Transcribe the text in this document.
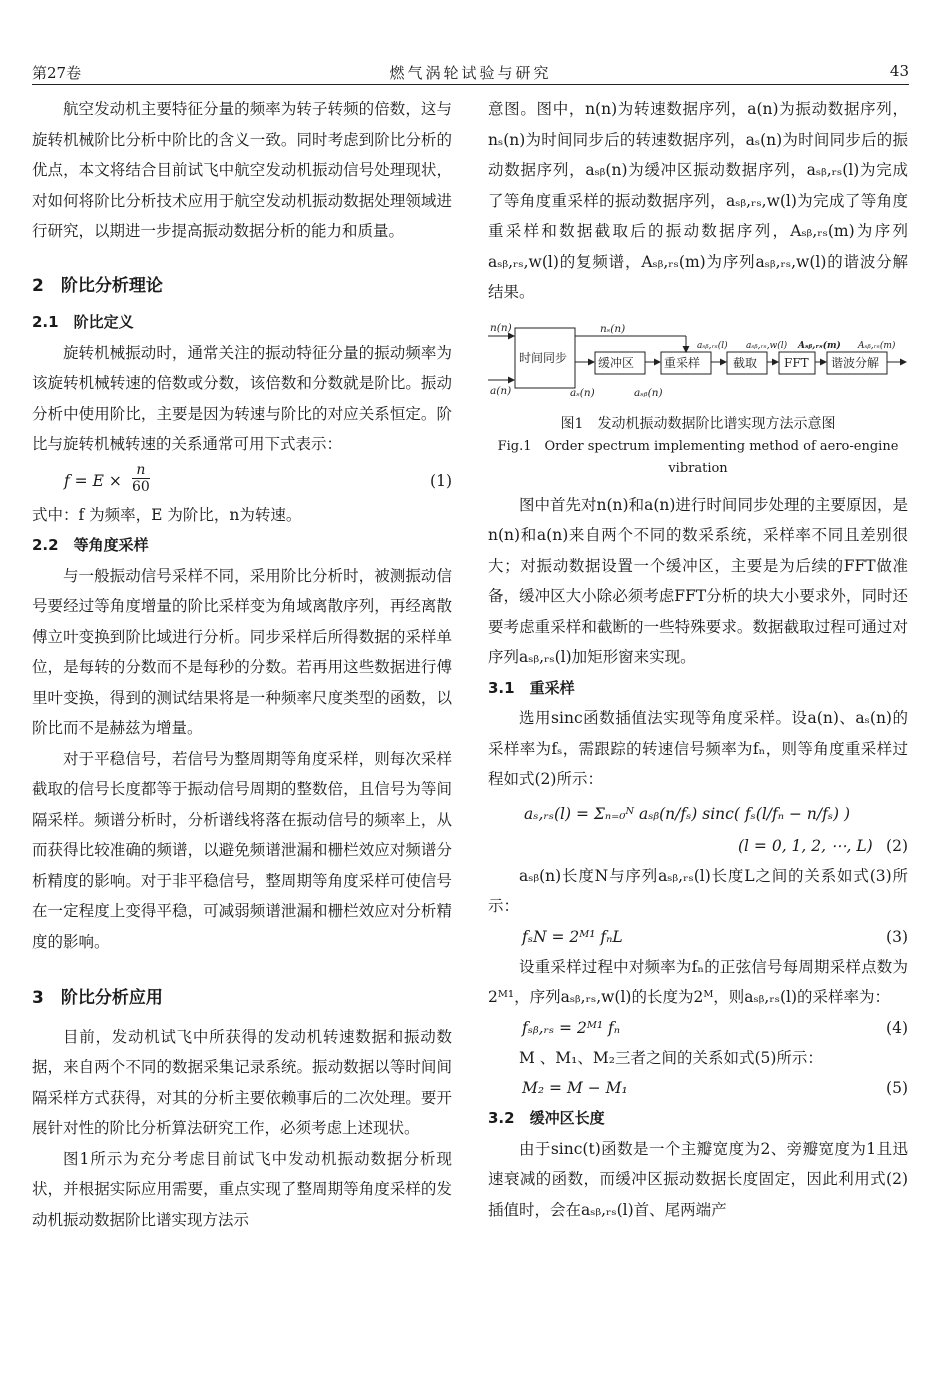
第27卷	燃气涡轮试验与研究	43

航空发动机主要特征分量的频率为转子转频的倍数，这与旋转机械阶比分析中阶比的含义一致。同时考虑到阶比分析的优点，本文将结合目前试飞中航空发动机振动信号处理现状，对如何将阶比分析技术应用于航空发动机振动数据处理领域进行研究，以期进一步提高振动数据分析的能力和质量。

2　阶比分析理论
2.1　阶比定义

旋转机械振动时，通常关注的振动特征分量的振动频率为该旋转机械转速的倍数或分数，该倍数和分数就是阶比。振动分析中使用阶比，主要是因为转速与阶比的对应关系恒定。阶比与旋转机械转速的关系通常可用下式表示：

$f = E \times \frac{n}{60}$	(1)

式中：f 为频率，E 为阶比，n为转速。

2.2　等角度采样

与一般振动信号采样不同，采用阶比分析时，被测振动信号要经过等角度增量的阶比采样变为角域离散序列，再经离散傅立叶变换到阶比域进行分析。同步采样后所得数据的采样单位，是每转的分数而不是每秒的分数。若再用这些数据进行傅里叶变换，得到的测试结果将是一种频率尺度类型的函数，以阶比而不是赫兹为增量。

对于平稳信号，若信号为整周期等角度采样，则每次采样截取的信号长度都等于振动信号周期的整数倍，且信号为等间隔采样。频谱分析时，分析谱线将落在振动信号的频率上，从而获得比较准确的频谱，以避免频谱泄漏和栅栏效应对频谱分析精度的影响。对于非平稳信号，整周期等角度采样可使信号在一定程度上变得平稳，可减弱频谱泄漏和栅栏效应对分析精度的影响。

3　阶比分析应用

目前，发动机试飞中所获得的发动机转速数据和振动数据，来自两个不同的数据采集记录系统。振动数据以等时间间隔采样方式获得，对其的分析主要依赖事后的二次处理。要开展针对性的阶比分析算法研究工作，必须考虑上述现状。

图1所示为充分考虑目前试飞中发动机振动数据分析现状，并根据实际应用需要，重点实现了整周期等角度采样的发动机振动数据阶比谱实现方法示

意图。图中，n(n)为转速数据序列，a(n)为振动数据序列，nₛ(n)为时间同步后的转速数据序列，aₛ(n)为时间同步后的振动数据序列，aₛᵦ(n)为缓冲区振动数据序列，aₛᵦ,ᵣₛ(l)为完成了等角度重采样的振动数据序列，aₛᵦ,ᵣₛ,w(l)为完成了等角度重采样和数据截取后的振动数据序列，Aₛᵦ,ᵣₛ(m)为序列aₛᵦ,ᵣₛ,w(l)的复频谱，Aₛᵦ,ᵣₛ(m)为序列aₛᵦ,ᵣₛ,w(l)的谐波分解结果。

n(n)
a(n)
nₛ(n)
aₛ(n)	aₛᵦ(n)
aₛᵦ,ᵣₛ(l) aₛᵦ,ᵣₛ,w(l) Aₛᵦ,ᵣₛ(m) Aₛᵦ,ᵣₛ(m)
时间同步	缓冲区 重采样	截取 FFT 谐波分解
图1　发动机振动数据阶比谱实现方法示意图
Fig.1　Order spectrum implementing method of aero-engine vibration

图中首先对n(n)和a(n)进行时间同步处理的主要原因，是n(n)和a(n)来自两个不同的数采系统，采样率不同且差别很大；对振动数据设置一个缓冲区，主要是为后续的FFT做准备，缓冲区大小除必须考虑FFT分析的块大小要求外，同时还要考虑重采样和截断的一些特殊要求。数据截取过程可通过对序列aₛᵦ,ᵣₛ(l)加矩形窗来实现。

3.1　重采样

选用sinc函数插值法实现等角度采样。设a(n)、aₛ(n)的采样率为fₛ，需跟踪的转速信号频率为fₙ，则等角度重采样过程如式(2)所示：

aₛ,ᵣₛ(l) = Σₙ₌₀ᴺ aₛᵦ(n/fₛ) sinc( fₛ(l/fₙ − n/fₛ) )
(l = 0, 1, 2, ⋯, L) (2)

aₛᵦ(n)长度N与序列aₛᵦ,ᵣₛ(l)长度L之间的关系如式(3)所示：

fₛN = 2ᴹ¹ fₙL	(3)

设重采样过程中对频率为fₙ的正弦信号每周期采样点数为2ᴹ¹，序列aₛᵦ,ᵣₛ,w(l)的长度为2ᴹ，则aₛᵦ,ᵣₛ(l)的采样率为：

fₛᵦ,ᵣₛ = 2ᴹ¹ fₙ	(4)

M 、M₁、M₂三者之间的关系如式(5)所示：

M₂ = M − M₁	(5)
3.2　缓冲区长度

由于sinc(t)函数是一个主瓣宽度为2、旁瓣宽度为1且迅速衰减的函数，而缓冲区振动数据长度固定，因此利用式(2)插值时，会在aₛᵦ,ᵣₛ(l)首、尾两端产
